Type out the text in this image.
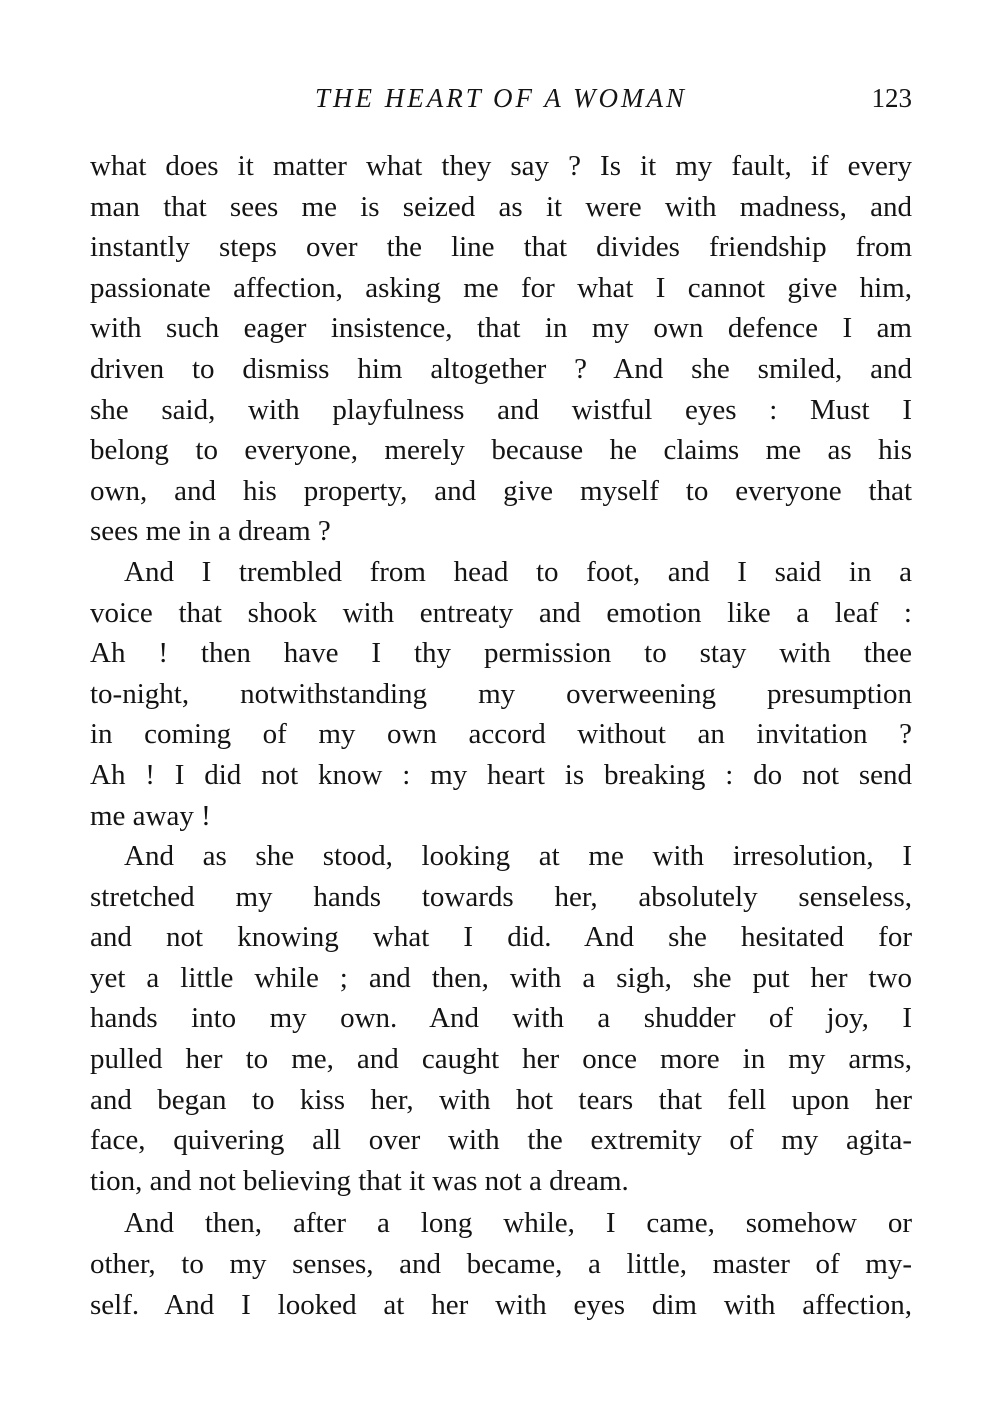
THE HEART OF A WOMAN	123
what does it matter what they say ? Is it my fault, if every
man that sees me is seized as it were with madness, and
instantly steps over the line that divides friendship from
passionate affection, asking me for what I cannot give him,
with such eager insistence, that in my own defence I am
driven to dismiss him altogether ? And she smiled, and
she said, with playfulness and wistful eyes : Must I
belong to everyone, merely because he claims me as his
own, and his property, and give myself to everyone that
sees me in a dream ?
And I trembled from head to foot, and I said in a
voice that shook with entreaty and emotion like a leaf :
Ah ! then have I thy permission to stay with thee
to-night, notwithstanding my overweening presumption
in coming of my own accord without an invitation ?
Ah ! I did not know : my heart is breaking : do not send
me away !
And as she stood, looking at me with irresolution, I
stretched my hands towards her, absolutely senseless,
and not knowing what I did. And she hesitated for
yet a little while ; and then, with a sigh, she put her two
hands into my own. And with a shudder of joy, I
pulled her to me, and caught her once more in my arms,
and began to kiss her, with hot tears that fell upon her
face, quivering all over with the extremity of my agita-
tion, and not believing that it was not a dream.
And then, after a long while, I came, somehow or
other, to my senses, and became, a little, master of my-
self. And I looked at her with eyes dim with affection,
